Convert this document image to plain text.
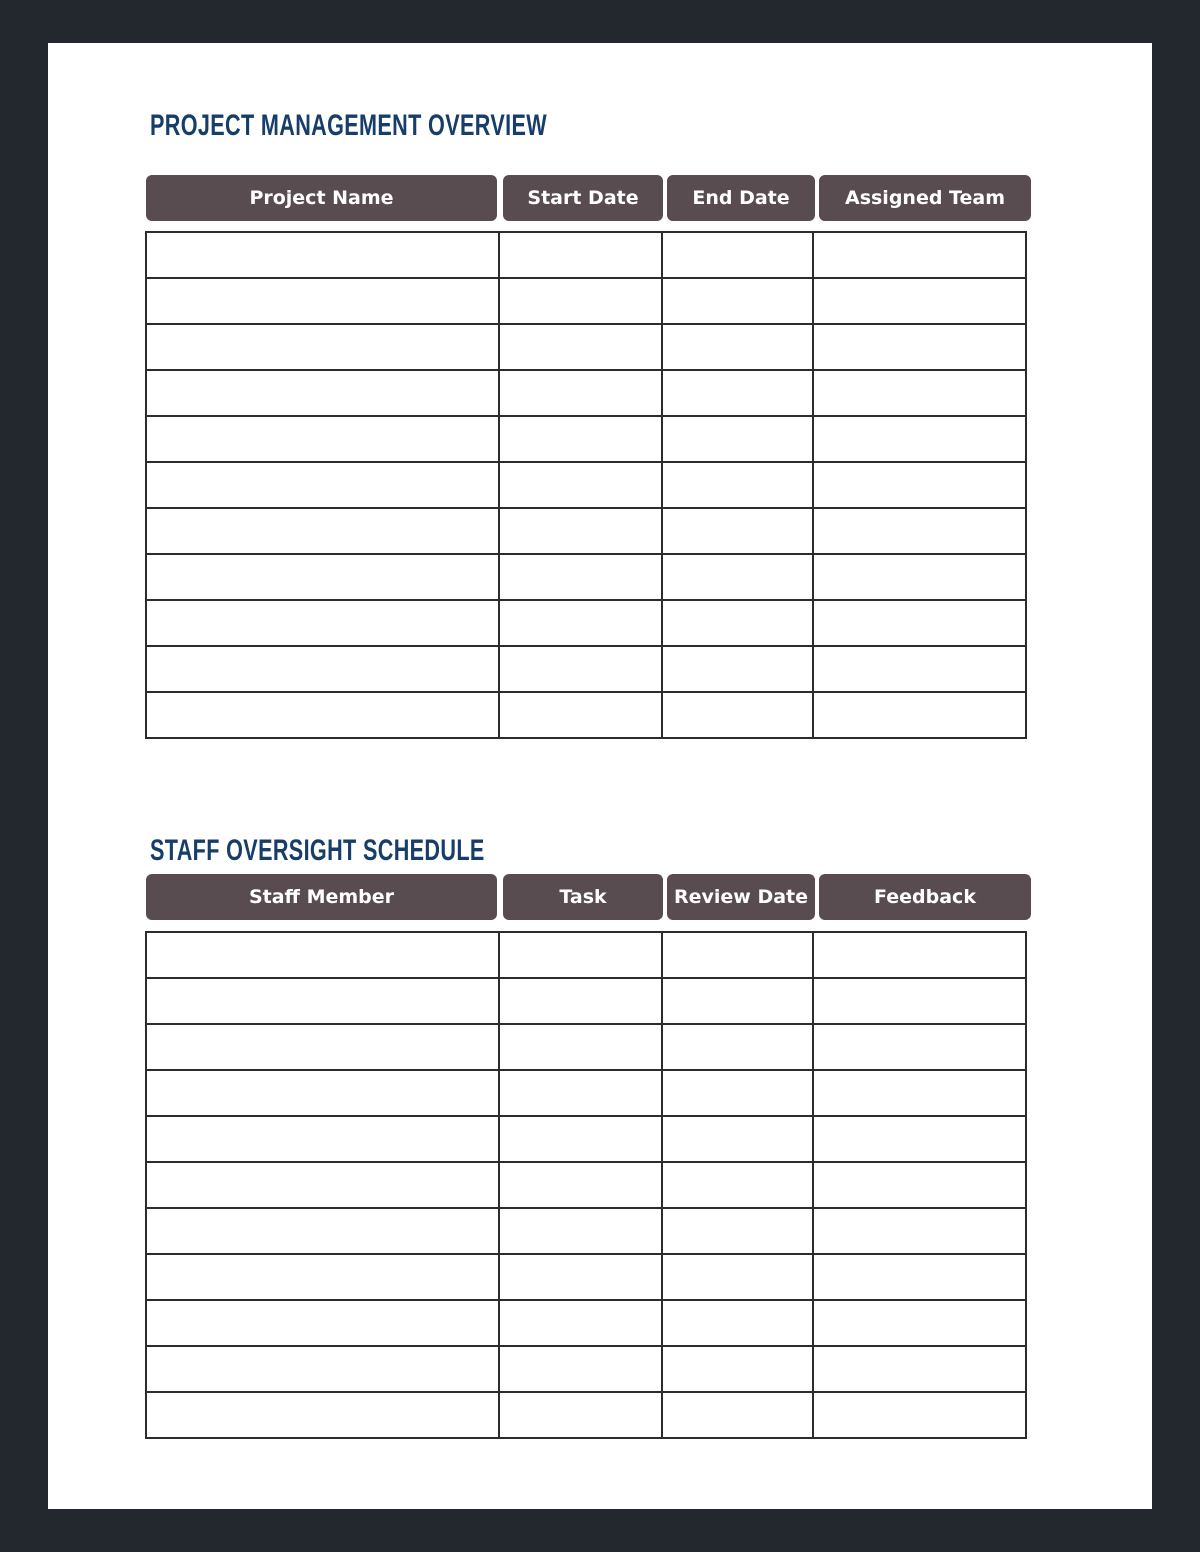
PROJECT MANAGEMENT OVERVIEW
Project Name	Start Date	End Date	Assigned Team

STAFF OVERSIGHT SCHEDULE
Staff Member	Task	Review Date	Feedback
